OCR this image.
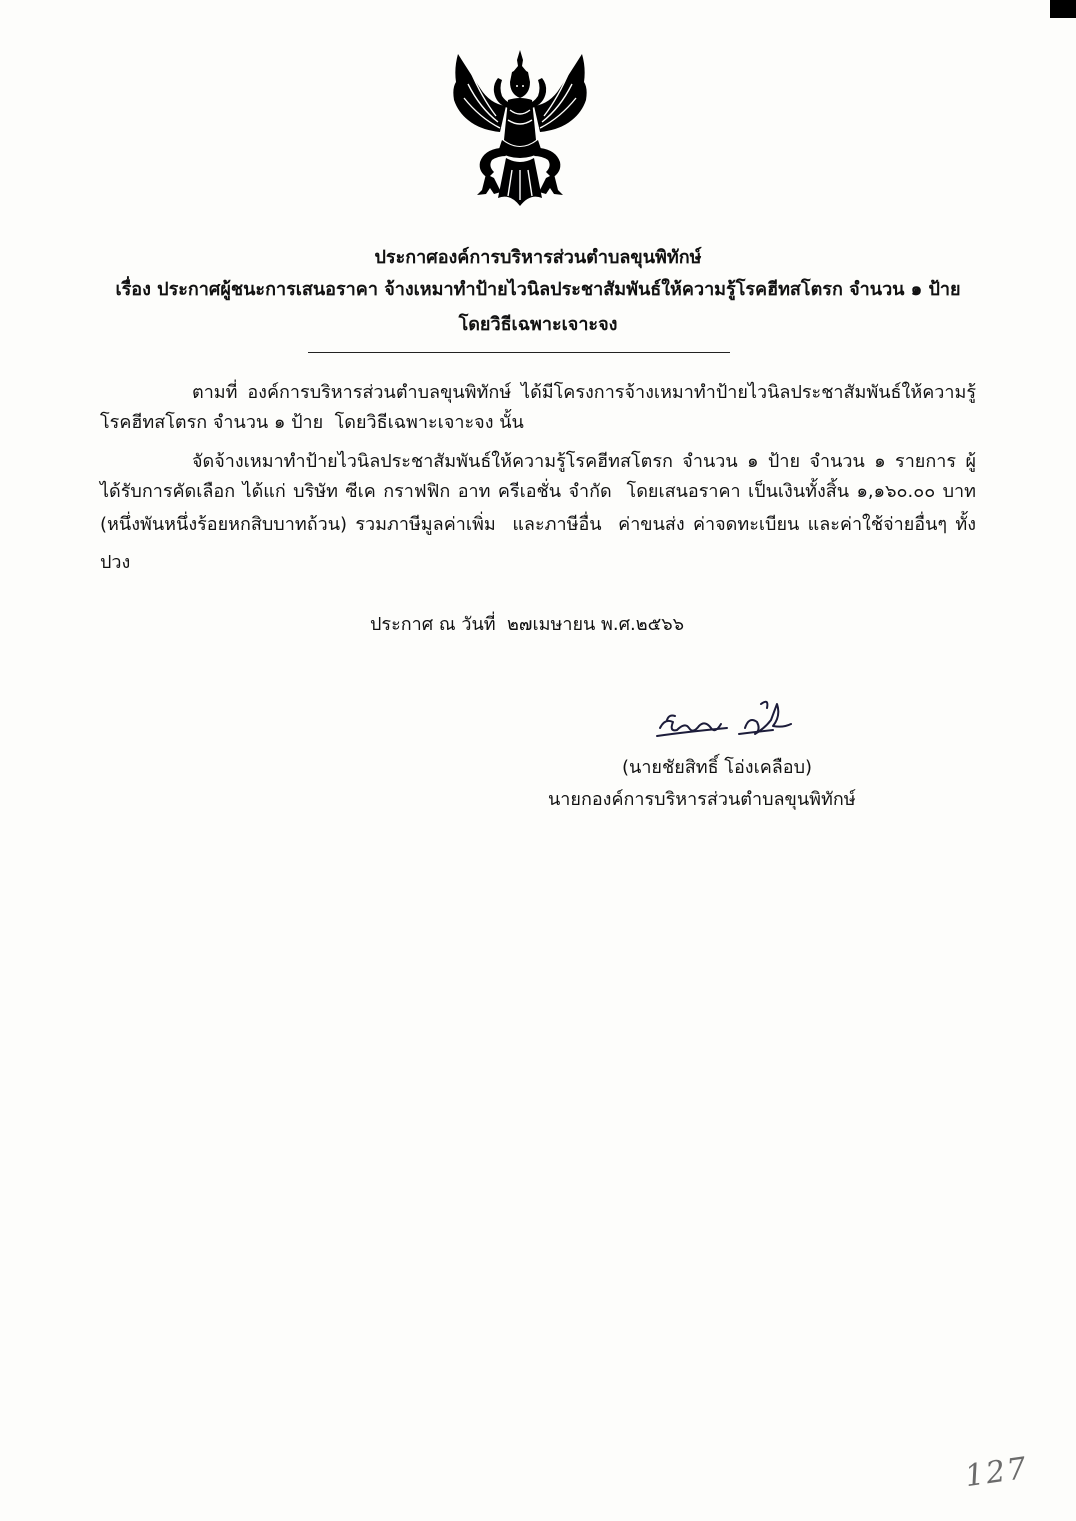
ประกาศองค์การบริหารส่วนตำบลขุนพิทักษ์
เรื่อง ประกาศผู้ชนะการเสนอราคา จ้างเหมาทำป้ายไวนิลประชาสัมพันธ์ให้ความรู้โรคฮีทสโตรก จำนวน ๑ ป้าย
โดยวิธีเฉพาะเจาะจง
ตามที่ องค์การบริหารส่วนตำบลขุนพิทักษ์ ได้มีโครงการจ้างเหมาทำป้ายไวนิลประชาสัมพันธ์ให้ความรู้
โรคฮีทสโตรก จำนวน ๑ ป้าย  โดยวิธีเฉพาะเจาะจง นั้น
จัดจ้างเหมาทำป้ายไวนิลประชาสัมพันธ์ให้ความรู้โรคฮีทสโตรก จำนวน ๑ ป้าย จำนวน ๑ รายการ ผู้
ได้รับการคัดเลือก ได้แก่ บริษัท ซีเค กราฟฟิก อาท ครีเอชั่น จำกัด  โดยเสนอราคา เป็นเงินทั้งสิ้น ๑,๑๖๐.๐๐ บาท
(หนึ่งพันหนึ่งร้อยหกสิบบาทถ้วน) รวมภาษีมูลค่าเพิ่ม  และภาษีอื่น  ค่าขนส่ง ค่าจดทะเบียน และค่าใช้จ่ายอื่นๆ ทั้ง
ปวง
ประกาศ ณ วันที่  ๒๗เมษายน พ.ศ.๒๕๖๖
(นายชัยสิทธิ์ โอ่งเคลือบ)
นายกองค์การบริหารส่วนตำบลขุนพิทักษ์
127
